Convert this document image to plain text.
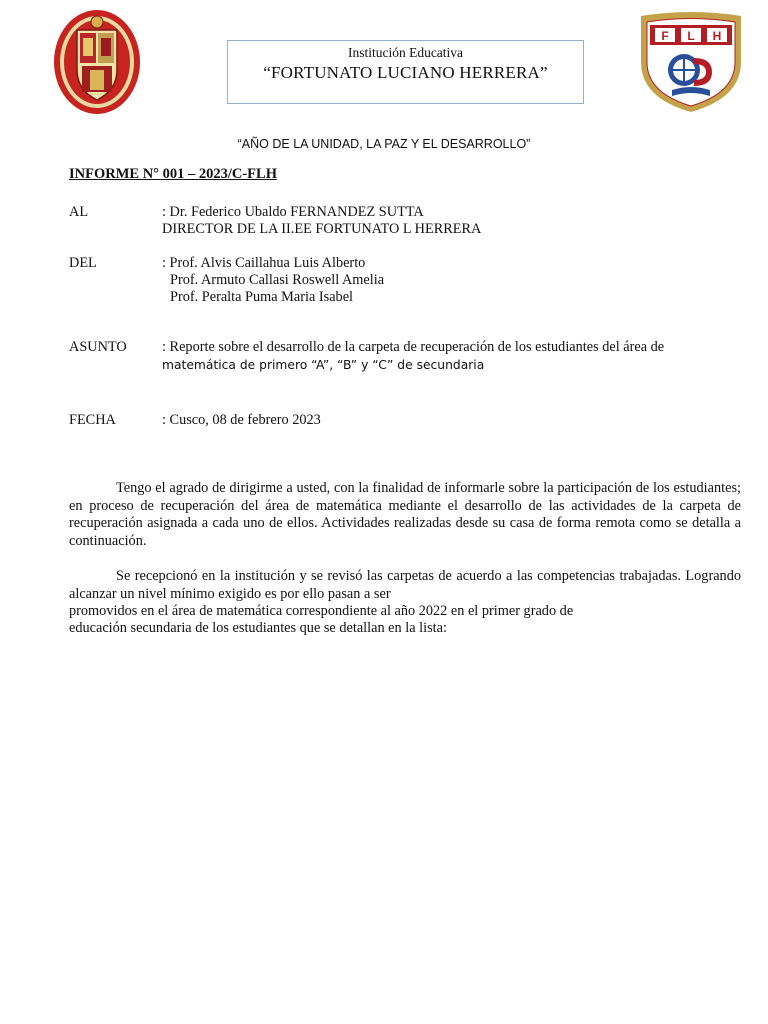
Institución Educativa
“FORTUNATO LUCIANO HERRERA”
F L H
“AÑO DE LA UNIDAD, LA PAZ Y EL DESARROLLO”
INFORME N° 001 – 2023/C-FLH
AL	: Dr. Federico Ubaldo FERNANDEZ SUTTA
DIRECTOR DE LA II.EE FORTUNATO L HERRERA
DEL	: Prof. Alvis Caillahua Luis Alberto
Prof. Armuto Callasi Roswell Amelia
Prof. Peralta Puma Maria Isabel
ASUNTO : Reporte sobre el desarrollo de la carpeta de recuperación de los estudiantes del área de
matemática de primero “A”, “B” y “C” de secundaria
FECHA	: Cusco, 08 de febrero 2023
Tengo el agrado de dirigirme a usted, con la finalidad de informarle sobre la participación de los estudiantes; en proceso de recuperación del área de matemática mediante el desarrollo de las actividades de la carpeta de recuperación asignada a cada uno de ellos. Actividades realizadas desde su casa de forma remota como se detalla a continuación.
Se recepcionó en la institución y se revisó las carpetas de acuerdo a las competencias trabajadas. Logrando alcanzar un nivel mínimo exigido es por ello pasan a ser
promovidos en el área de matemática correspondiente al año 2022 en el primer grado de
educación secundaria de los estudiantes que se detallan en la lista:
